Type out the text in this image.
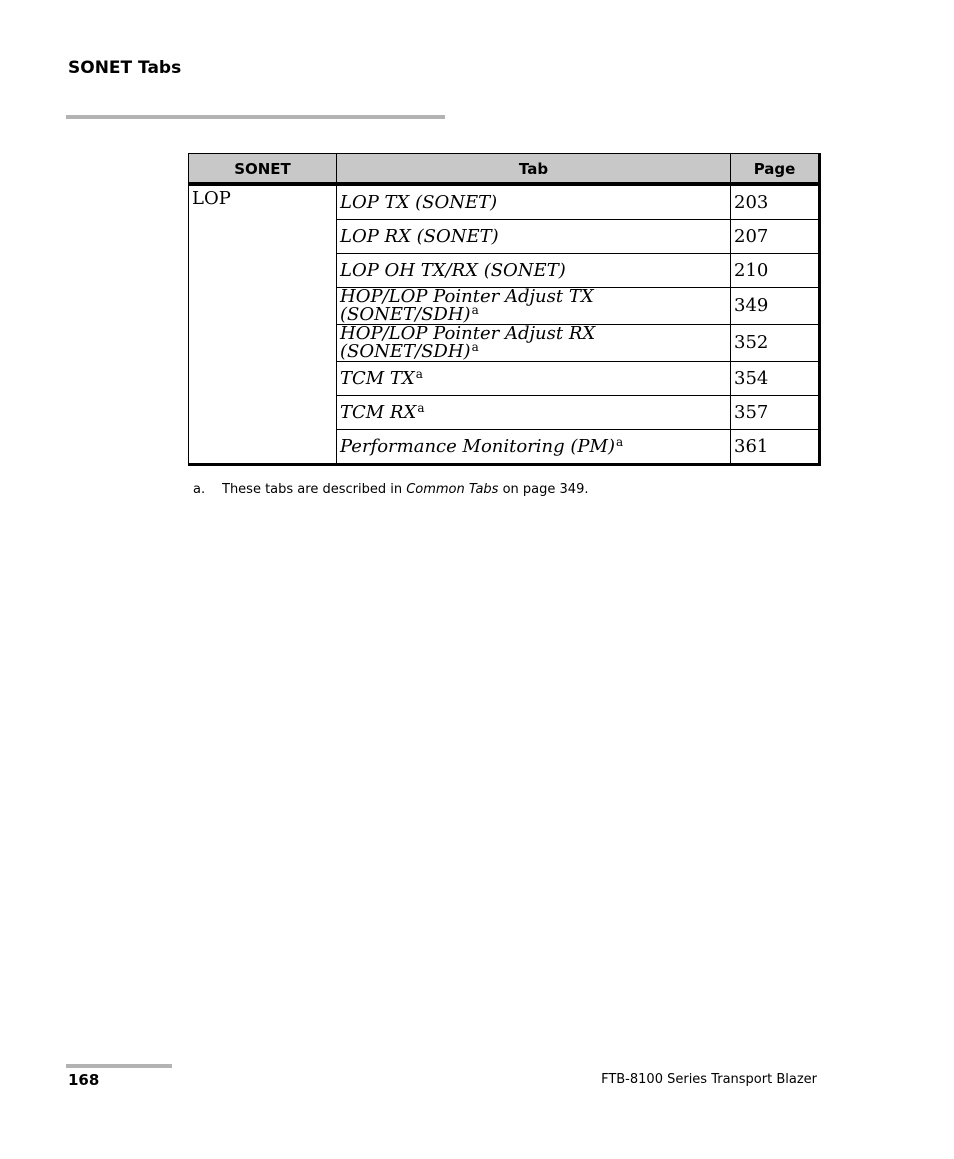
SONET Tabs
SONET	Tab	Page
LOP	LOP TX (SONET)	203
	LOP RX (SONET)	207
	LOP OH TX/RX (SONET)	210
	HOP/LOP Pointer Adjust TX (SONET/SDH)$^a$	349
	HOP/LOP Pointer Adjust RX (SONET/SDH)$^a$	352
	TCM TX$^a$	354
	TCM RX$^a$	357
	Performance Monitoring (PM)$^a$	361
a. These tabs are described in Common Tabs on page 349.
168	FTB-8100 Series Transport Blazer
